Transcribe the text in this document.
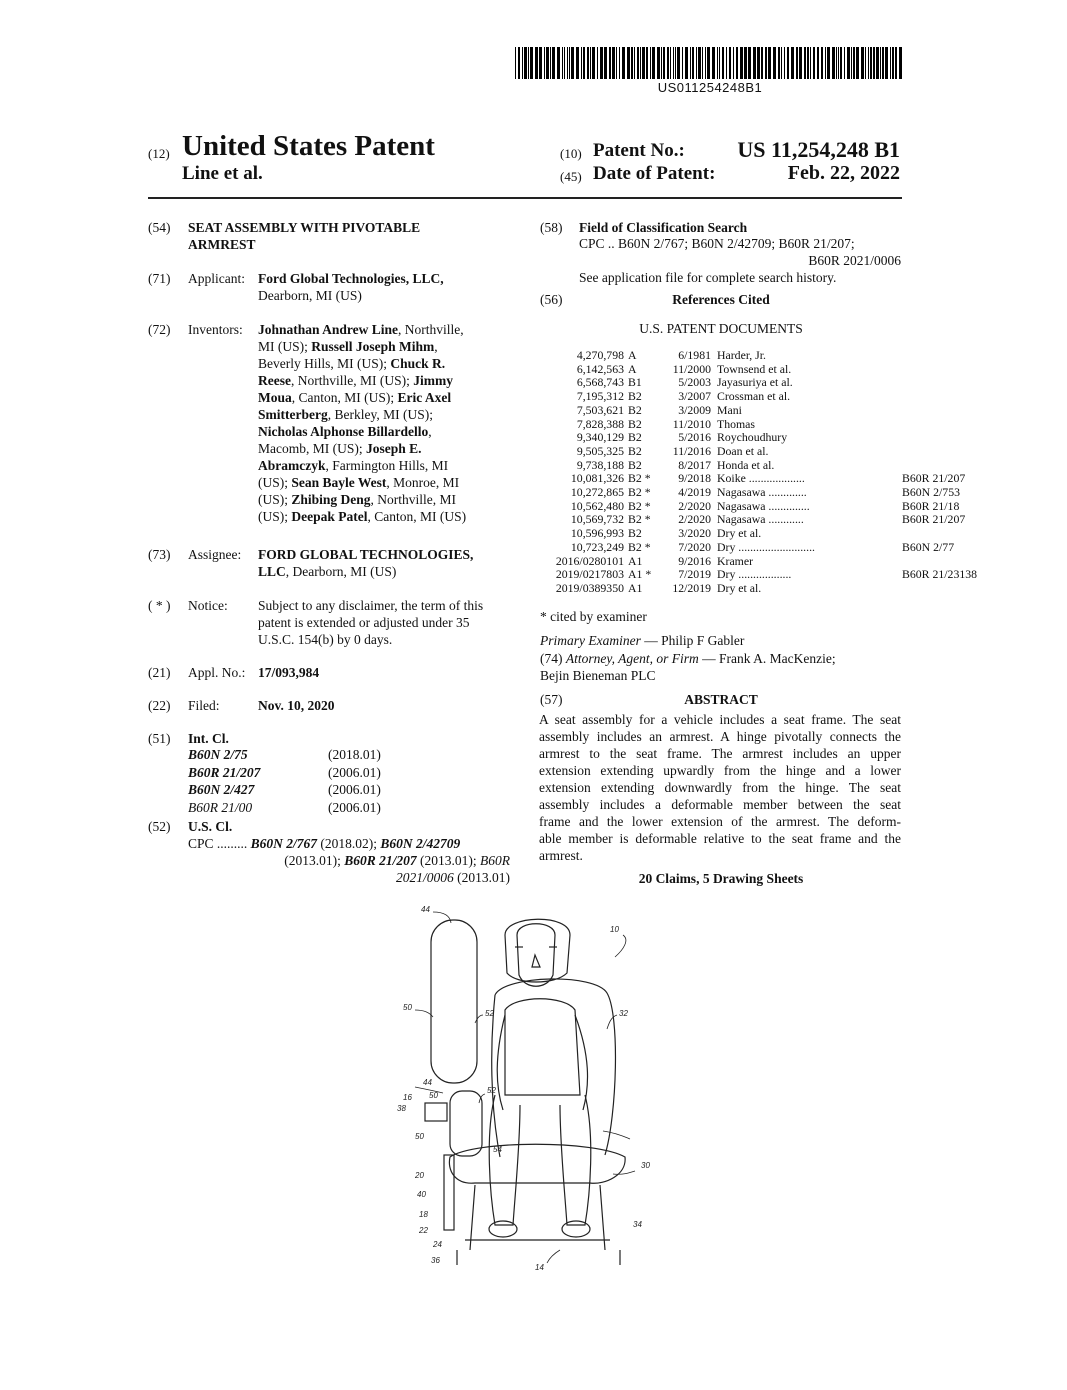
US011254248B1
(12) United States Patent
Line et al.
(10) Patent No.:	US 11,254,248 B1
(45) Date of Patent:	Feb. 22, 2022
(54)	SEAT ASSEMBLY WITH PIVOTABLE
ARMREST
(71)	Applicant: Ford Global Technologies, LLC,
Dearborn, MI (US)
(72)	Inventors: Johnathan Andrew Line, Northville,
MI (US); Russell Joseph Mihm,
Beverly Hills, MI (US); Chuck R.
Reese, Northville, MI (US); Jimmy
Moua, Canton, MI (US); Eric Axel
Smitterberg, Berkley, MI (US);
Nicholas Alphonse Billardello,
Macomb, MI (US); Joseph E.
Abramczyk, Farmington Hills, MI
(US); Sean Bayle West, Monroe, MI
(US); Zhibing Deng, Northville, MI
(US); Deepak Patel, Canton, MI (US)
(73)	Assignee: FORD GLOBAL TECHNOLOGIES,
LLC, Dearborn, MI (US)
( * )	Notice: Subject to any disclaimer, the term of this
patent is extended or adjusted under 35
U.S.C. 154(b) by 0 days.
(21)	Appl. No.: 17/093,984
(22)	Filed:	Nov. 10, 2020
(51)	Int. Cl.
B60N 2/75	(2018.01)
B60R 21/207	(2006.01)
B60N 2/427	(2006.01)
B60R 21/00	(2006.01)
(52)	U.S. Cl.
CPC ......... B60N 2/767 (2018.02); B60N 2/42709
(2013.01); B60R 21/207 (2013.01); B60R
2021/0006 (2013.01)
(58) Field of Classification Search
CPC .. B60N 2/767; B60N 2/42709; B60R 21/207;
B60R 2021/0006
See application file for complete search history.
(56)	References Cited
U.S. PATENT DOCUMENTS
4,270,798	A	6/1981	Harder, Jr.	
6,142,563	A	11/2000	Townsend et al.	
6,568,743	B1	5/2003	Jayasuriya et al.	
7,195,312	B2	3/2007	Crossman et al.	
7,503,621	B2	3/2009	Mani	
7,828,388	B2	11/2010	Thomas	
9,340,129	B2	5/2016	Roychoudhury	
9,505,325	B2	11/2016	Doan et al.	
9,738,188	B2	8/2017	Honda et al.	
10,081,326	B2 *	9/2018	Koike ...................	B60R 21/207
10,272,865	B2 *	4/2019	Nagasawa .............	B60N 2/753
10,562,480	B2 *	2/2020	Nagasawa ..............	B60R 21/18
10,569,732	B2 *	2/2020	Nagasawa ............	B60R 21/207
10,596,993	B2	3/2020	Dry et al.	
10,723,249	B2 *	7/2020	Dry ..........................	B60N 2/77
2016/0280101	A1	9/2016	Kramer	
2019/0217803	A1 *	7/2019	Dry ..................	B60R 21/23138
2019/0389350	A1	12/2019	Dry et al.	
* cited by examiner
Primary Examiner — Philip F Gabler
(74) Attorney, Agent, or Firm — Frank A. MacKenzie;
Bejin Bieneman PLC
(57)	ABSTRACT
A seat assembly for a vehicle includes a seat frame. The seat
assembly includes an armrest. A hinge pivotally connects the
armrest to the seat frame. The armrest includes an upper
extension extending upwardly from the hinge and a lower
extension extending downwardly from the hinge. The seat
assembly includes a deformable member between the seat
frame and the lower extension of the armrest. The deform-
able member is deformable relative to the seat frame and the
armrest.
20 Claims, 5 Drawing Sheets
44
10
50
52	32
44
16 50
52
38
50
54
20
30
40
18
34
22
24
36
14
